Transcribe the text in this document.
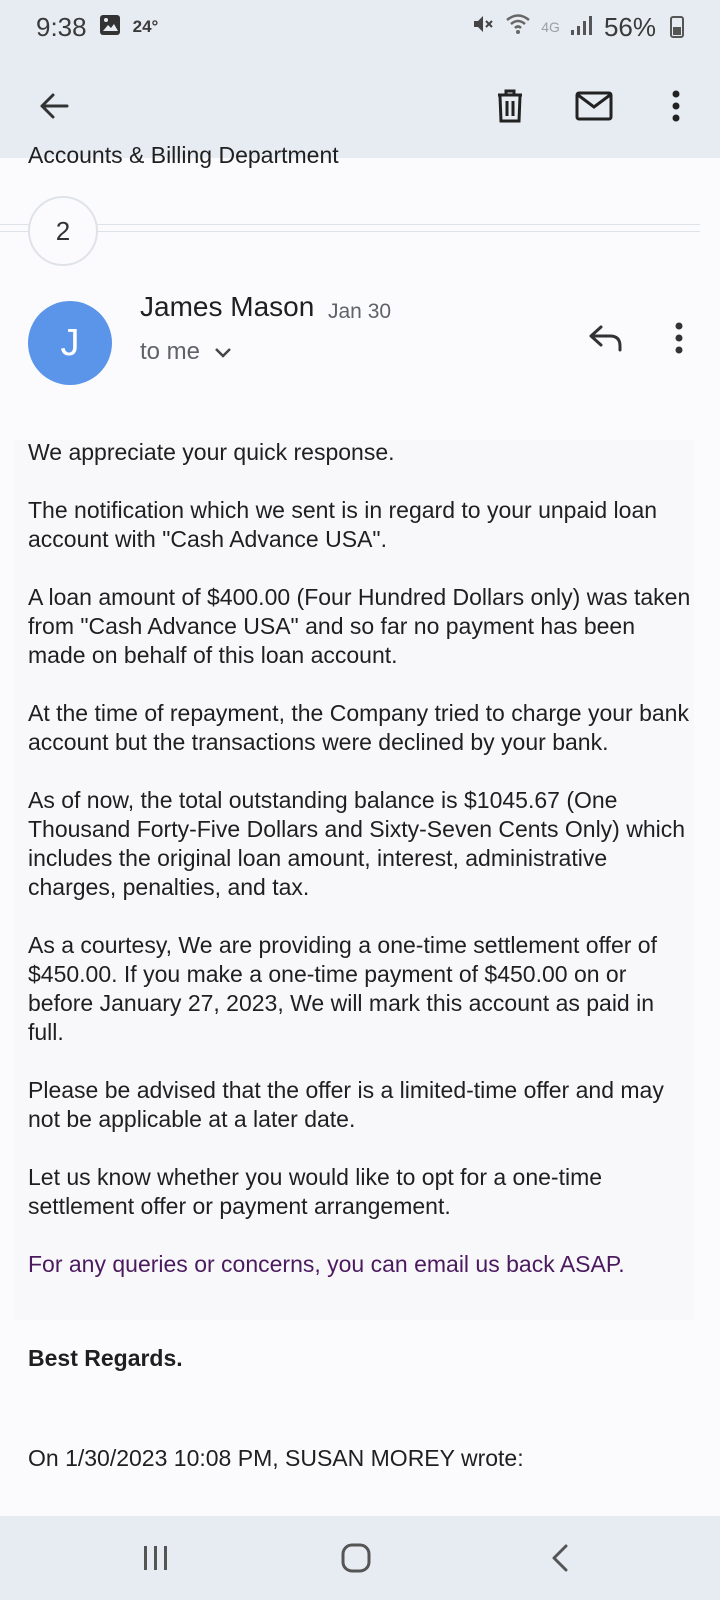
9:38	24°	4G 56%
Accounts & Billing Department
2
J
James Mason Jan 30
to me

We appreciate your quick response.

The notification which we sent is in regard to your unpaid loan account with "Cash Advance USA".

A loan amount of $400.00 (Four Hundred Dollars only) was taken from "Cash Advance USA" and so far no payment has been made on behalf of this loan account.

At the time of repayment, the Company tried to charge your bank account but the transactions were declined by your bank.

As of now, the total outstanding balance is $1045.67 (One Thousand Forty-Five Dollars and Sixty-Seven Cents Only) which includes the original loan amount, interest, administrative charges, penalties, and tax.

As a courtesy, We are providing a one-time settlement offer of $450.00. If you make a one-time payment of $450.00 on or before January 27, 2023, We will mark this account as paid in full.

Please be advised that the offer is a limited-time offer and may not be applicable at a later date.

Let us know whether you would like to opt for a one-time settlement offer or payment arrangement.

For any queries or concerns, you can email us back ASAP.

Best Regards.
On 1/30/2023 10:08 PM, SUSAN MOREY wrote:
